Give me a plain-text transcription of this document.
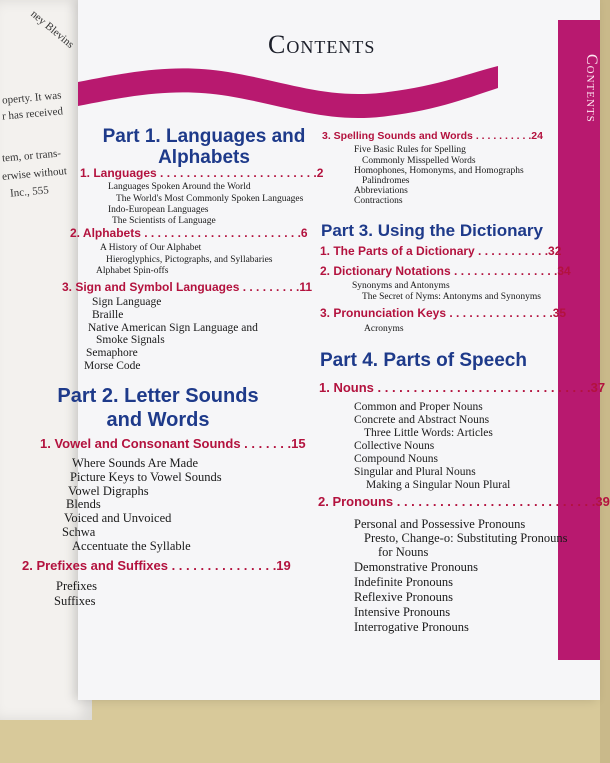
ney Blevins
operty. It was
r has received
tem, or trans-
erwise without
Inc., 555
Contents
Contents
Part 1. Languages and
Alphabets
1. Languages . . . . . . . . . . . . . . . . . . . . . . . .2
Languages Spoken Around the World
The World's Most Commonly Spoken Languages
Indo-European Languages
The Scientists of Language
2. Alphabets . . . . . . . . . . . . . . . . . . . . . . . .6
A History of Our Alphabet
Hieroglyphics, Pictographs, and Syllabaries
Alphabet Spin-offs
3. Sign and Symbol Languages . . . . . . . . .11
Sign Language
Braille
Native American Sign Language and
Smoke Signals
Semaphore
Morse Code
Part 2. Letter Sounds
and Words
1. Vowel and Consonant Sounds . . . . . . .15
Where Sounds Are Made
Picture Keys to Vowel Sounds
Vowel Digraphs
Blends
Voiced and Unvoiced
Schwa
Accentuate the Syllable
2. Prefixes and Suffixes . . . . . . . . . . . . . . .19
Prefixes
Suffixes
3. Spelling Sounds and Words . . . . . . . . . .24
Five Basic Rules for Spelling
Commonly Misspelled Words
Homophones, Homonyms, and Homographs
Palindromes
Abbreviations
Contractions
Part 3. Using the Dictionary
1. The Parts of a Dictionary . . . . . . . . . . .32
2. Dictionary Notations . . . . . . . . . . . . . . . .34
Synonyms and Antonyms
The Secret of Nyms: Antonyms and Synonyms
3. Pronunciation Keys . . . . . . . . . . . . . . . .35
Acronyms
Part 4. Parts of Speech
1. Nouns . . . . . . . . . . . . . . . . . . . . . . . . . . . . . .37
Common and Proper Nouns
Concrete and Abstract Nouns
Three Little Words: Articles
Collective Nouns
Compound Nouns
Singular and Plural Nouns
Making a Singular Noun Plural
2. Pronouns . . . . . . . . . . . . . . . . . . . . . . . . . . . .39
Personal and Possessive Pronouns
Presto, Change-o: Substituting Pronouns
for Nouns
Demonstrative Pronouns
Indefinite Pronouns
Reflexive Pronouns
Intensive Pronouns
Interrogative Pronouns
